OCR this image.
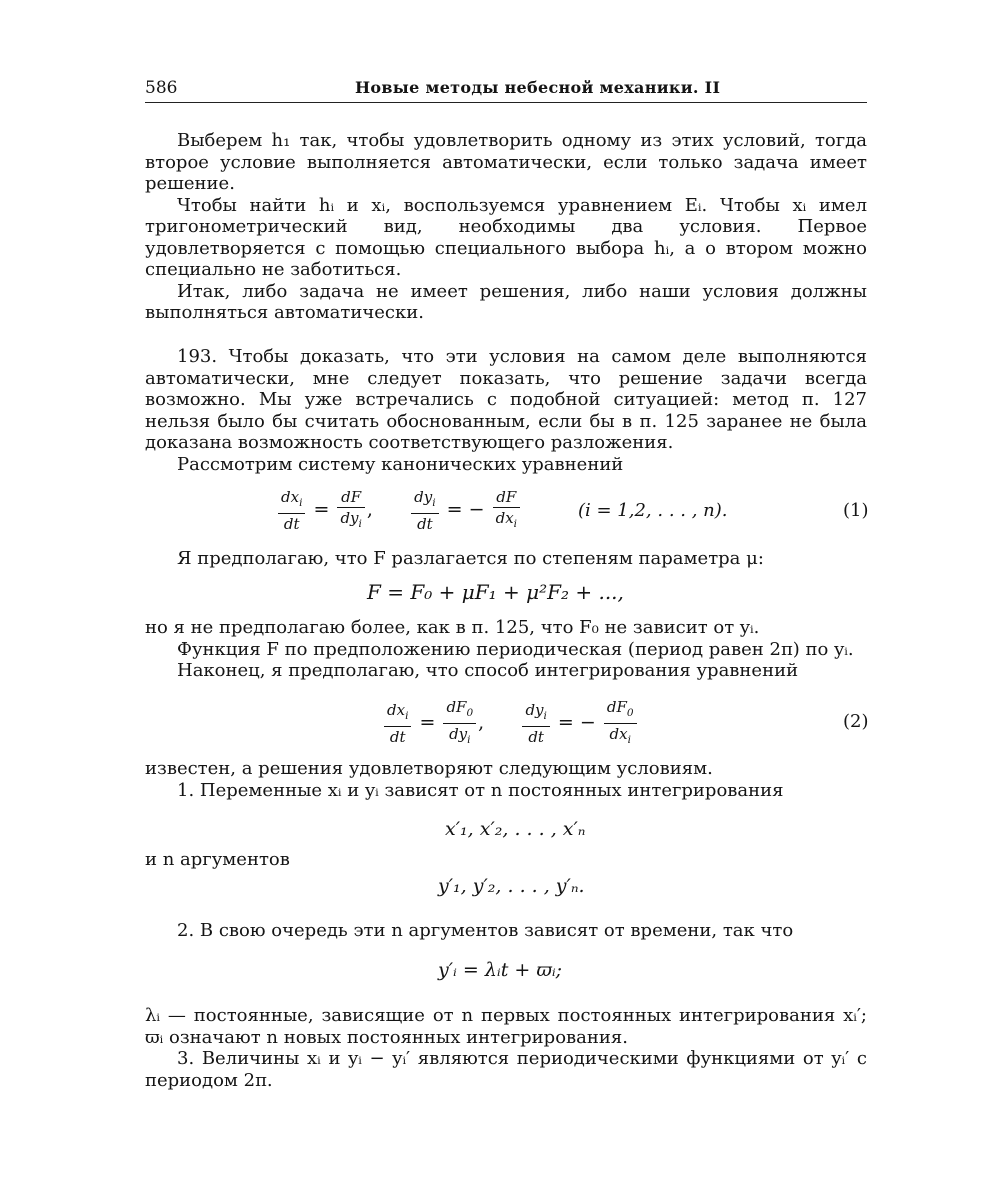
586	Новые методы небесной механики. II

Выберем h₁ так, чтобы удовлетворить одному из этих условий, тогда второе условие выполняется автоматически, если только задача имеет решение.

Чтобы найти hᵢ и xᵢ, воспользуемся уравнением Eᵢ. Чтобы xᵢ имел тригонометрический вид, необходимы два условия. Первое удовлетворяется с помощью специального выбора hᵢ, а о втором можно специально не заботиться.

Итак, либо задача не имеет решения, либо наши условия должны выполняться автоматически.

193. Чтобы доказать, что эти условия на самом деле выполняются автоматически, мне следует показать, что решение задачи всегда возможно. Мы уже встречались с подобной ситуацией: метод п. 127 нельзя было бы считать обоснованным, если бы в п. 125 заранее не была доказана возможность соответствующего разложения.

Рассмотрим систему канонических уравнений

$\frac{dx_i}{dt} = \frac{dF}{dy_i}$ ,	$\frac{dy_i}{dt}$ = − $\frac{dF}{dx_i}$	(i = 1,2, . . . , n).	(1)

Я предполагаю, что F разлагается по степеням параметра μ:

F = F₀ + μF₁ + μ²F₂ + ...,

но я не предполагаю более, как в п. 125, что F₀ не зависит от yᵢ.

Функция F по предположению периодическая (период равен 2π) по yᵢ.

Наконец, я предполагаю, что способ интегрирования уравнений

$\frac{dx_i}{dt} = \frac{dF_0}{dy_i}$ ,	$\frac{dy_i}{dt}$ = − $\frac{dF_0}{dx_i}$	(2)

известен, а решения удовлетворяют следующим условиям.

1. Переменные xᵢ и yᵢ зависят от n постоянных интегрирования

x′₁, x′₂, . . . , x′ₙ

и n аргументов

y′₁, y′₂, . . . , y′ₙ.

2. В свою очередь эти n аргументов зависят от времени, так что

y′ᵢ = λᵢt + ϖᵢ;

λᵢ — постоянные, зависящие от n первых постоянных интегрирования xᵢ′; ϖᵢ означают n новых постоянных интегрирования.

3. Величины xᵢ и yᵢ − yᵢ′ являются периодическими функциями от yᵢ′ с периодом 2π.
